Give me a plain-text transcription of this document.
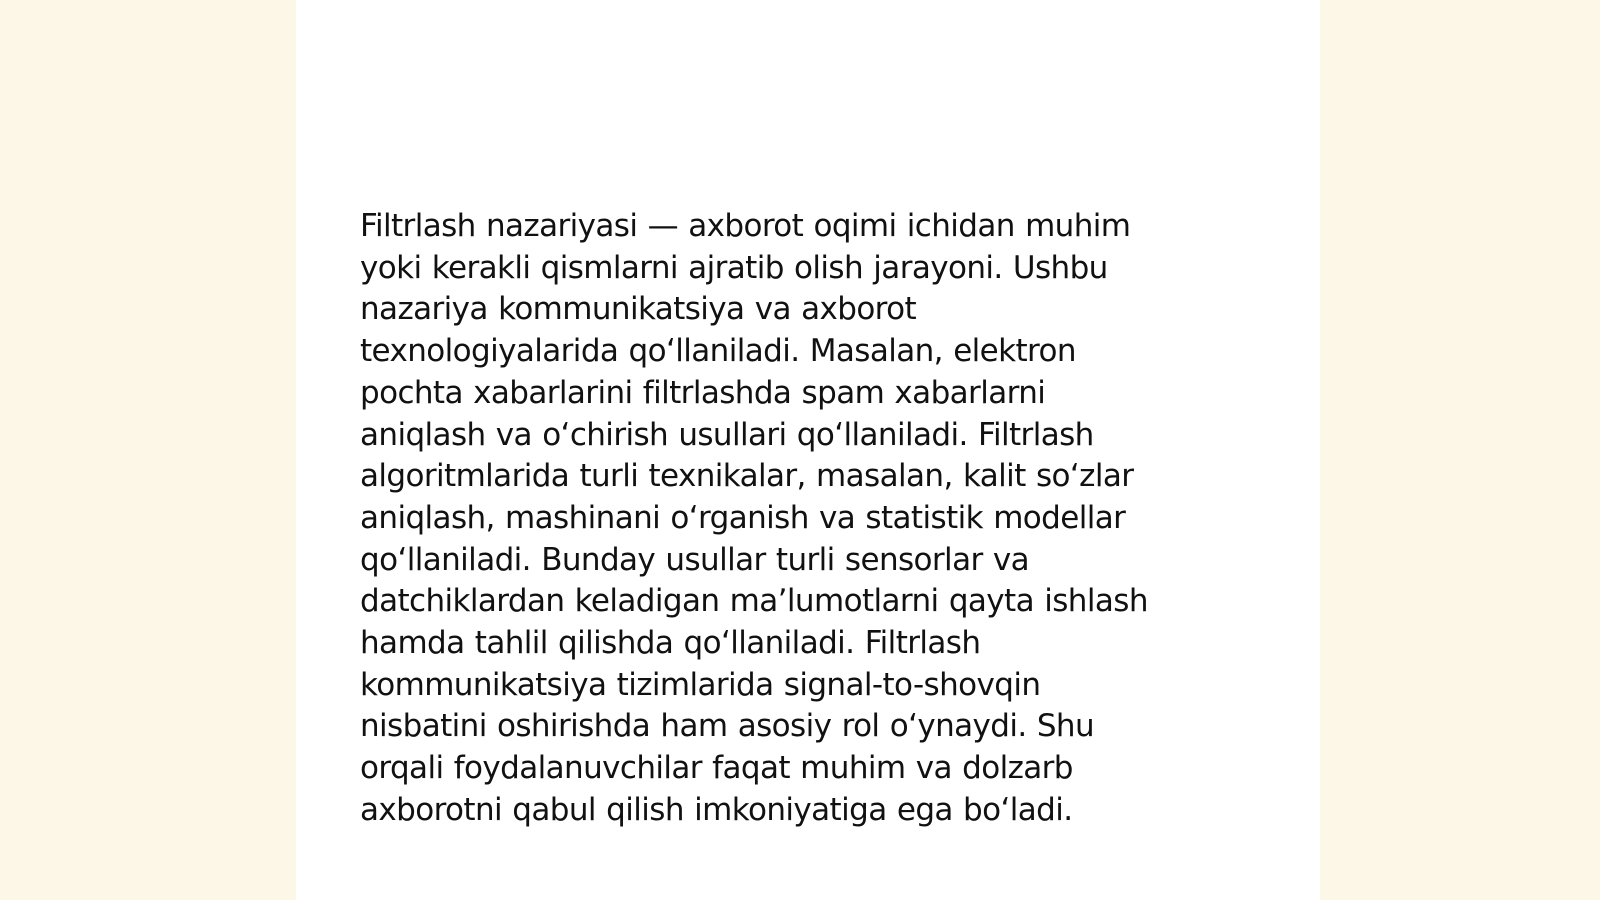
Filtrlash nazariyasi — axborot oqimi ichidan muhim
yoki kerakli qismlarni ajratib olish jarayoni. Ushbu
nazariya kommunikatsiya va axborot
texnologiyalarida qo‘llaniladi. Masalan, elektron
pochta xabarlarini filtrlashda spam xabarlarni
aniqlash va o‘chirish usullari qo‘llaniladi. Filtrlash
algoritmlarida turli texnikalar, masalan, kalit so‘zlar
aniqlash, mashinani o‘rganish va statistik modellar
qo‘llaniladi. Bunday usullar turli sensorlar va
datchiklardan keladigan ma’lumotlarni qayta ishlash
hamda tahlil qilishda qo‘llaniladi. Filtrlash
kommunikatsiya tizimlarida signal-to-shovqin
nisbatini oshirishda ham asosiy rol o‘ynaydi. Shu
orqali foydalanuvchilar faqat muhim va dolzarb
axborotni qabul qilish imkoniyatiga ega bo‘ladi.
